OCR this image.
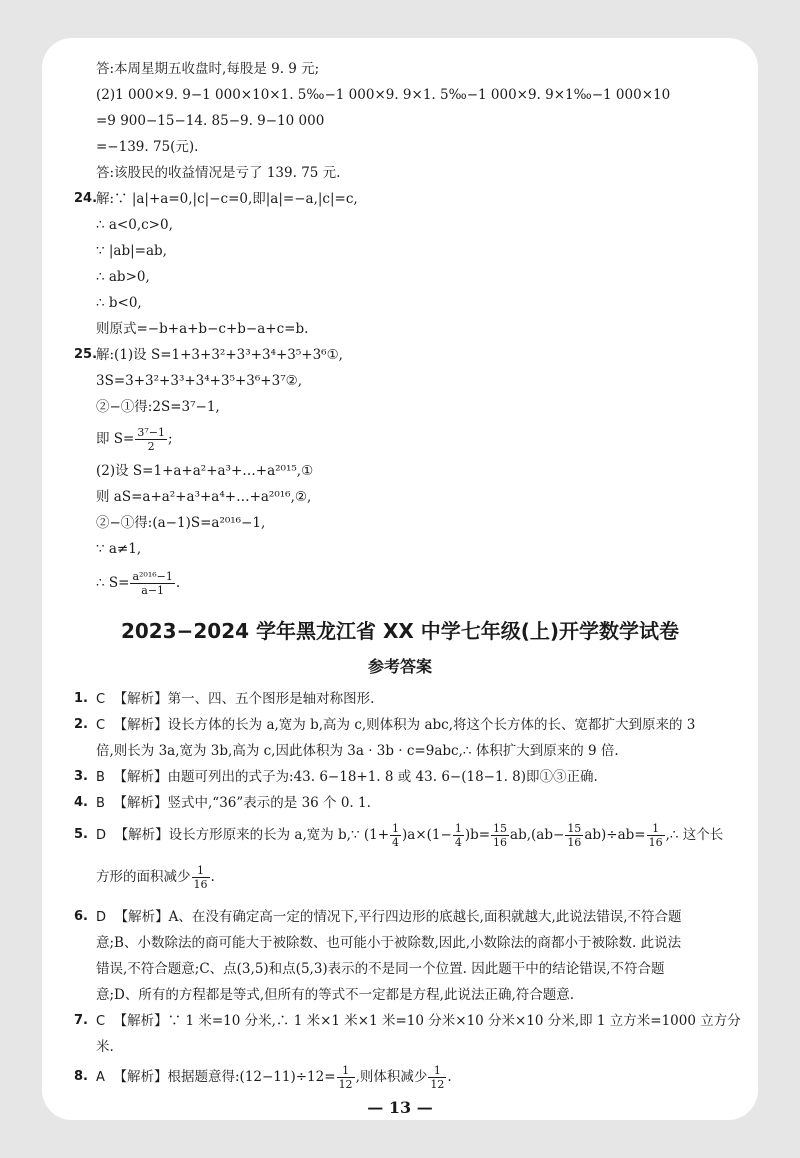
答:本周星期五收盘时,每股是 9. 9 元;
(2)1 000×9. 9−1 000×10×1. 5‰−1 000×9. 9×1. 5‰−1 000×9. 9×1‰−1 000×10
=9 900−15−14. 85−9. 9−10 000
=−139. 75(元).
答:该股民的收益情况是亏了 139. 75 元.
24.
解:∵ |a|+a=0,|c|−c=0,即|a|=−a,|c|=c,
∴ a<0,c>0,
∵ |ab|=ab,
∴ ab>0,
∴ b<0,
则原式=−b+a+b−c+b−a+c=b.
25.
解:(1)设 S=1+3+3²+3³+3⁴+3⁵+3⁶①,
3S=3+3²+3³+3⁴+3⁵+3⁶+3⁷②,
②−①得:2S=3⁷−1,
即 $S= \frac{\text{3⁷−1}}{2}$ ;
(2)设 S=1+a+a²+a³+…+a²⁰¹⁵,①
则 aS=a+a²+a³+a⁴+…+a²⁰¹⁶,②,
②−①得:(a−1)S=a²⁰¹⁶−1,
∵ a≠1,
∴ $S= \frac{\text{a²⁰¹⁶−1}}{a-1}$ .
2023−2024 学年黑龙江省 XX 中学七年级(上)开学数学试卷
参考答案
1. C 【解析】第一、四、五个图形是轴对称图形.
2. C 【解析】设长方体的长为 a,宽为 b,高为 c,则体积为 abc,将这个长方体的长、宽都扩大到原来的 3
倍,则长为 3a,宽为 3b,高为 c,因此体积为 3a · 3b · c=9abc,∴ 体积扩大到原来的 9 倍.
3. B 【解析】由题可列出的式子为:43. 6−18+1. 8 或 43. 6−(18−1. 8)即①③正确.
4. B 【解析】竖式中,“36”表示的是 36 个 0. 1.
5. D 【解析】设长方形原来的长为 a,宽为 b,∵ $(1+ \frac{1}{4} )a\times(1- \frac{1}{4} )b= \frac{15}{16} ab,(ab- \frac{15}{16} ab)\div ab= \frac{1}{16}$ ,∴ 这个长
方形的面积减少 $\frac{1}{16}$ .
6. D 【解析】A、在没有确定高一定的情况下,平行四边形的底越长,面积就越大,此说法错误,不符合题
意;B、小数除法的商可能大于被除数、也可能小于被除数,因此,小数除法的商都小于被除数. 此说法
错误,不符合题意;C、点(3,5)和点(5,3)表示的不是同一个位置. 因此题干中的结论错误,不符合题
意;D、所有的方程都是等式,但所有的等式不一定都是方程,此说法正确,符合题意.
7. C 【解析】∵ 1 米=10 分米,∴ 1 米×1 米×1 米=10 分米×10 分米×10 分米,即 1 立方米=1000 立方分
米.
8. A 【解析】根据题意得:(12−11)÷12= $\frac{1}{12}$ ,则体积减少 $\frac{1}{12}$ .
— 13 —
